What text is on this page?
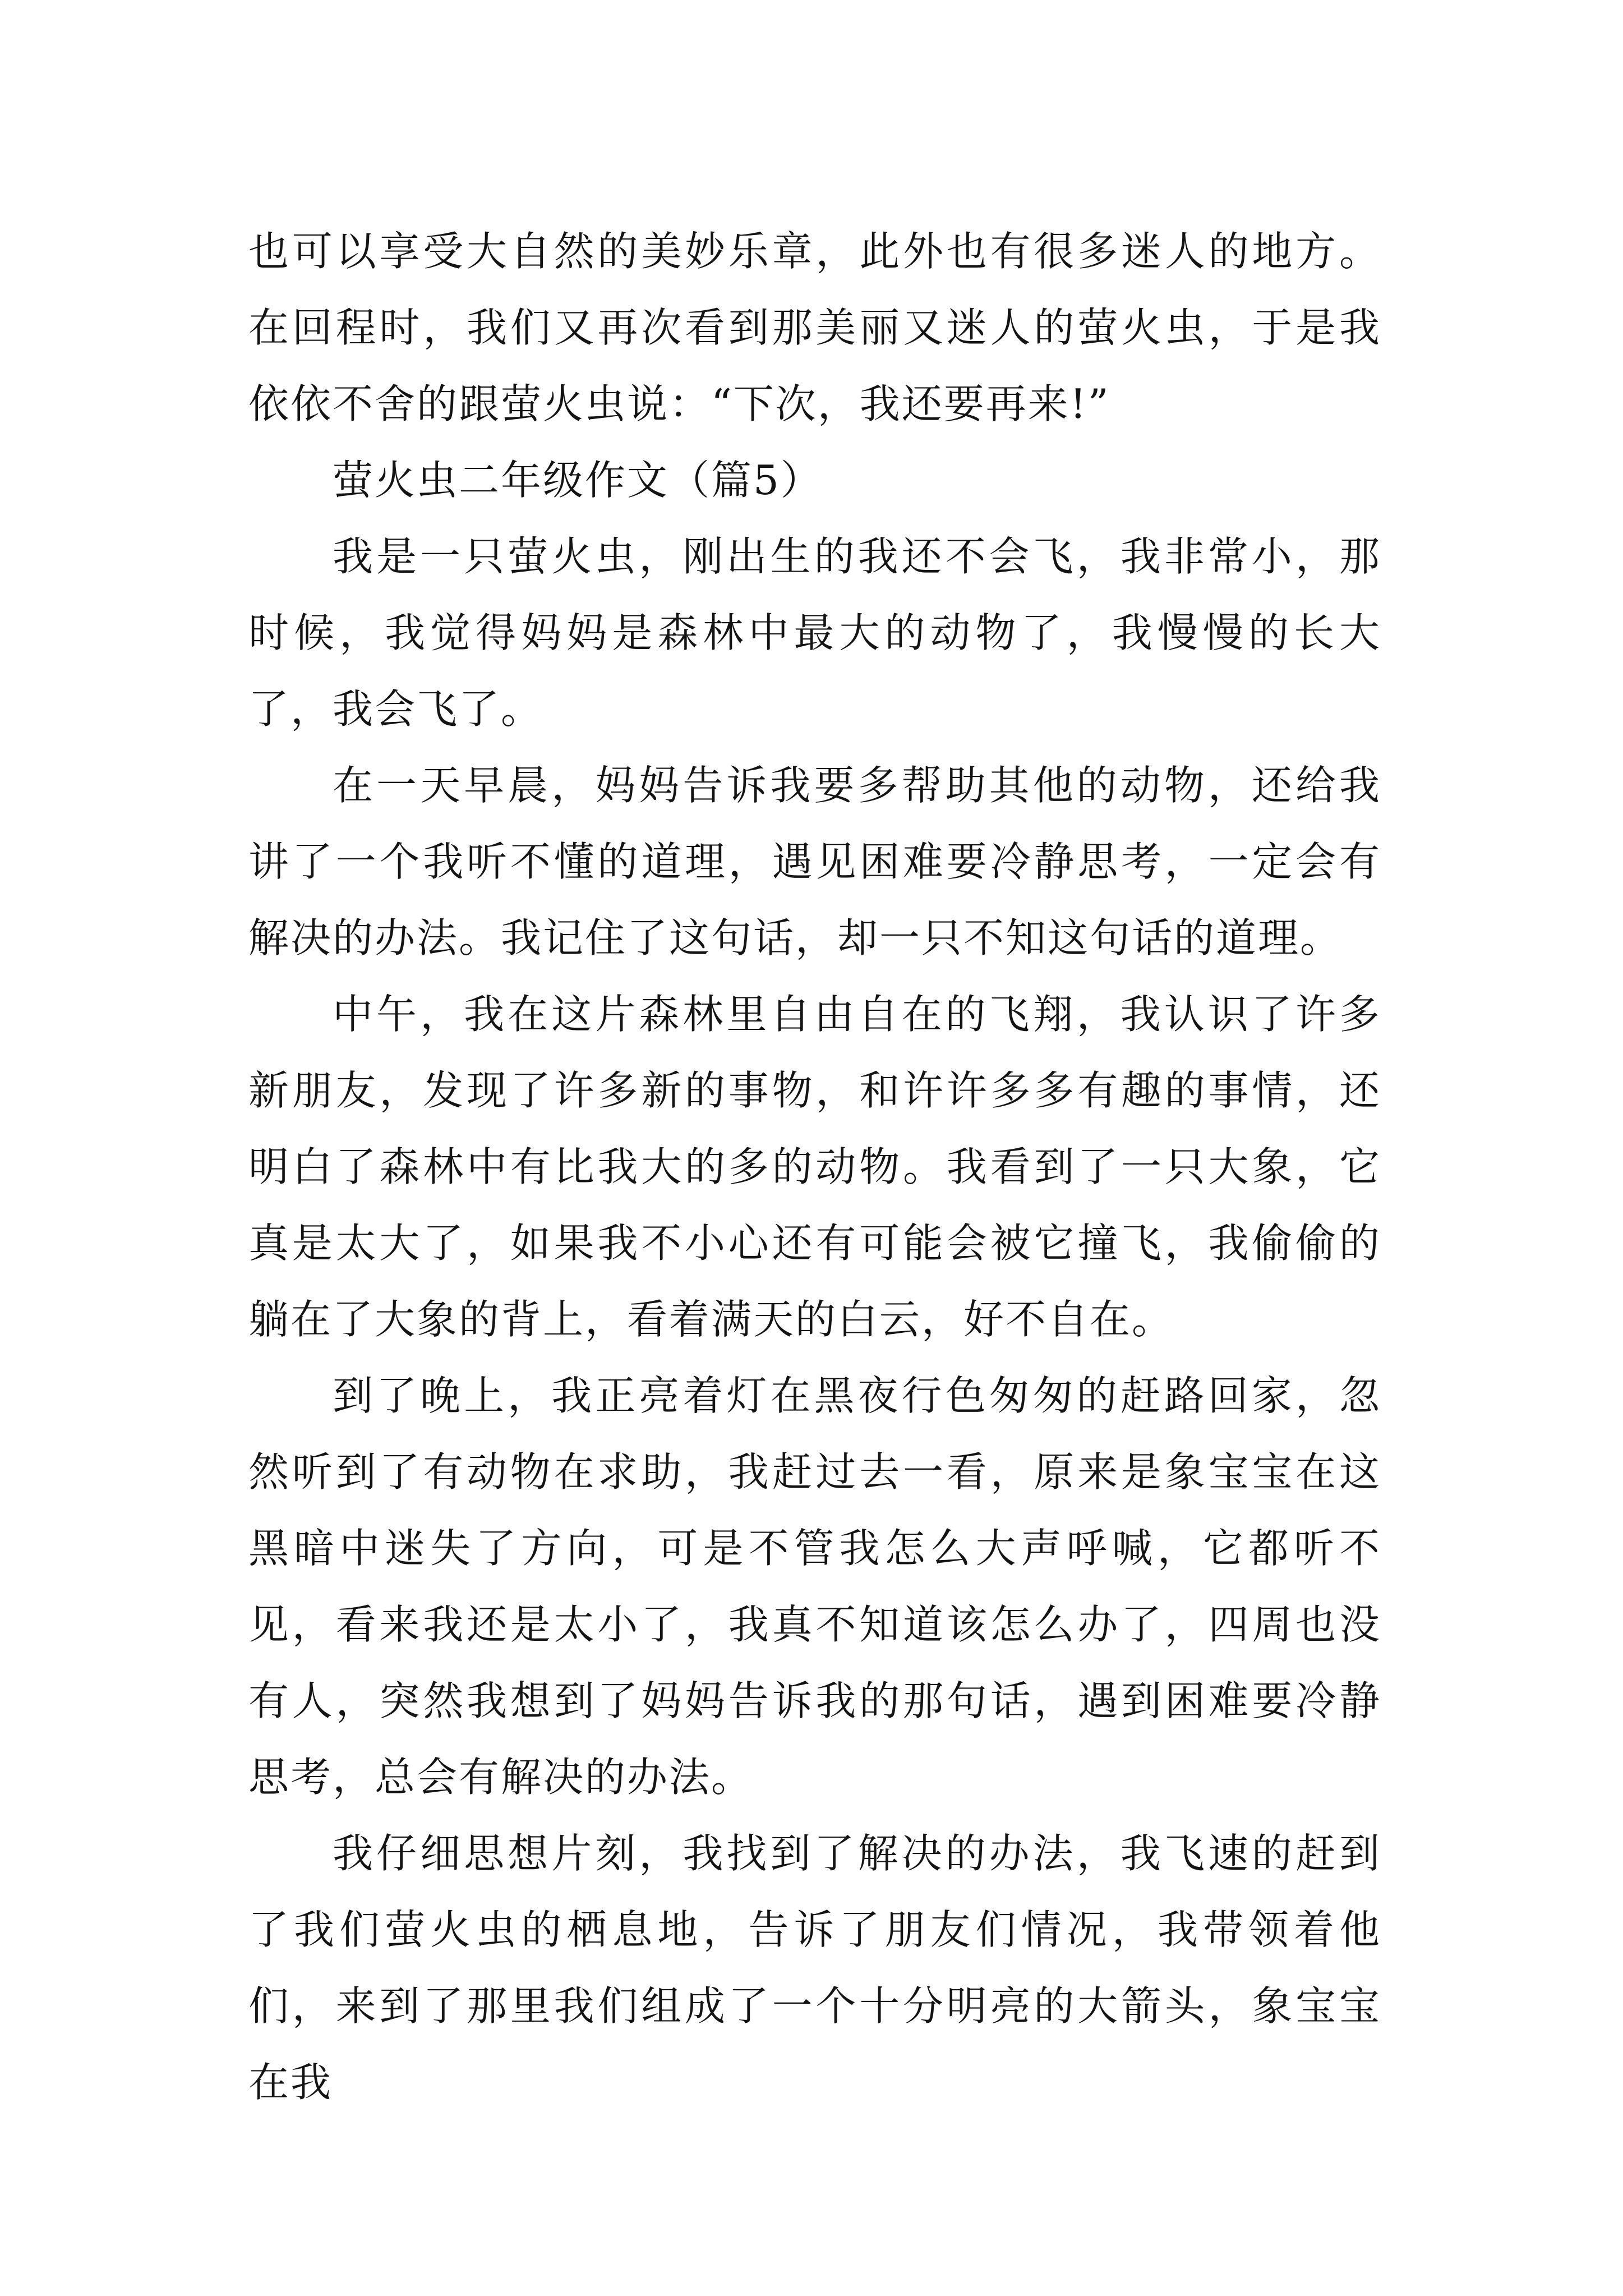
也可以享受大自然的美妙乐章，此外也有很多迷人的地方。在回程时，我们又再次看到那美丽又迷人的萤火虫，于是我依依不舍的跟萤火虫说：“下次，我还要再来!”

萤火虫二年级作文（篇5）

我是一只萤火虫，刚出生的我还不会飞，我非常小，那时候，我觉得妈妈是森林中最大的动物了，我慢慢的长大了，我会飞了。

在一天早晨，妈妈告诉我要多帮助其他的动物，还给我讲了一个我听不懂的道理，遇见困难要冷静思考，一定会有解决的办法。我记住了这句话，却一只不知这句话的道理。

中午，我在这片森林里自由自在的飞翔，我认识了许多新朋友，发现了许多新的事物，和许许多多有趣的事情，还明白了森林中有比我大的多的动物。我看到了一只大象，它真是太大了，如果我不小心还有可能会被它撞飞，我偷偷的躺在了大象的背上，看着满天的白云，好不自在。

到了晚上，我正亮着灯在黑夜行色匆匆的赶路回家，忽然听到了有动物在求助，我赶过去一看，原来是象宝宝在这黑暗中迷失了方向，可是不管我怎么大声呼喊，它都听不见，看来我还是太小了，我真不知道该怎么办了，四周也没有人，突然我想到了妈妈告诉我的那句话，遇到困难要冷静思考，总会有解决的办法。

我仔细思想片刻，我找到了解决的办法，我飞速的赶到了我们萤火虫的栖息地，告诉了朋友们情况，我带领着他们，来到了那里我们组成了一个十分明亮的大箭头，象宝宝在我
